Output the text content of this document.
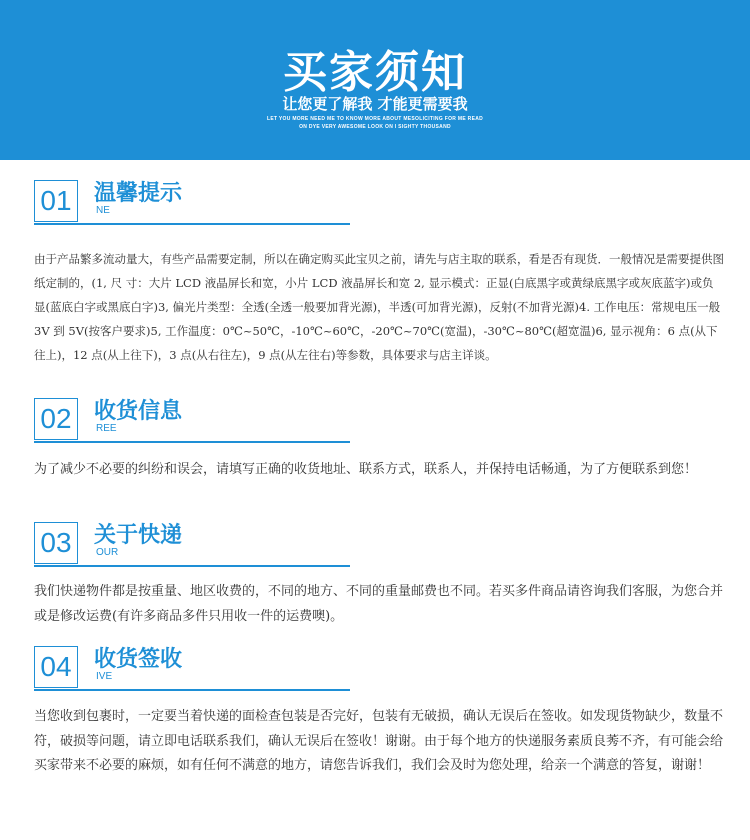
买家须知
让您更了解我 才能更需要我
LET YOU MORE NEED ME TO KNOW MORE ABOUT MESOLICITING FOR ME READ
ON DYE VERY AWESOME LOOK ON I SIGHTY THOUSAND
01 温馨提示
NE
由于产品繁多流动量大，有些产品需要定制，所以在确定购买此宝贝之前，请先与店主取的联系，看是否有现货．一般情况是需要提供图纸定制的，(1, 尺 寸：大片 LCD 液晶屏长和宽，小片 LCD 液晶屏长和宽 2, 显示模式：正显(白底黑字或黄绿底黑字或灰底蓝字)或负显(蓝底白字或黑底白字)3, 偏光片类型：全透(全透一般要加背光源)，半透(可加背光源)，反射(不加背光源)4. 工作电压：常规电压一般 3V 到 5V(按客户要求)5, 工作温度：0℃~50℃，-10℃~60℃，-20℃~70℃(宽温)，-30℃~80℃(超宽温)6, 显示视角：6 点(从下往上)，12 点(从上往下)，3 点(从右往左)，9 点(从左往右)等参数，具体要求与店主详谈。
02 收货信息
REE
为了减少不必要的纠纷和误会，请填写正确的收货地址、联系方式，联系人，并保持电话畅通，为了方便联系到您！
03 关于快递
OUR
我们快递物件都是按重量、地区收费的，不同的地方、不同的重量邮费也不同。若买多件商品请咨询我们客服，为您合并或是修改运费(有许多商品多件只用收一件的运费噢)。
04 收货签收
IVE
当您收到包裹时，一定要当着快递的面检查包装是否完好，包装有无破损，确认无误后在签收。如发现货物缺少，数量不符，破损等问题，请立即电话联系我们，确认无误后在签收！谢谢。由于每个地方的快递服务素质良莠不齐，有可能会给买家带来不必要的麻烦，如有任何不满意的地方，请您告诉我们，我们会及时为您处理，给亲一个满意的答复，谢谢！
